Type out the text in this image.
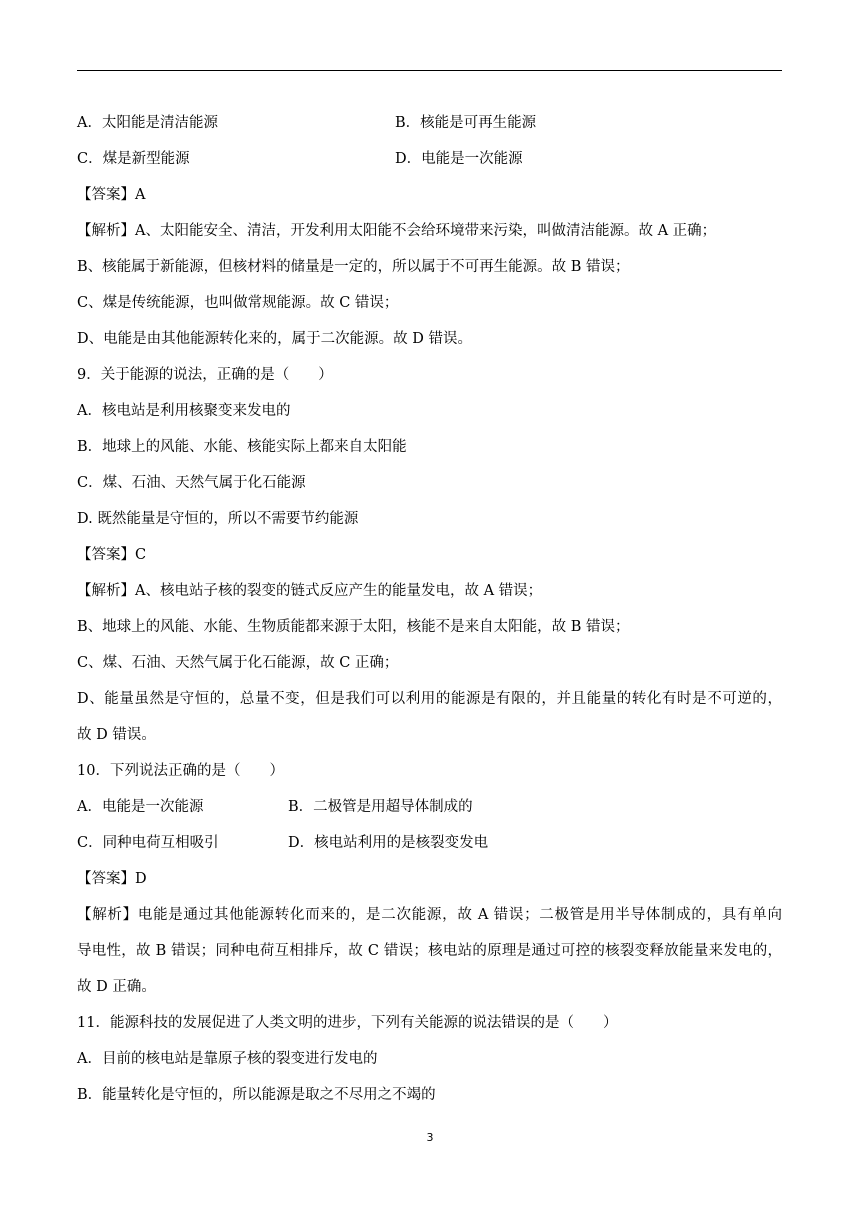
A．太阳能是清洁能源	B．核能是可再生能源
C．煤是新型能源	D．电能是一次能源
【答案】A
【解析】A、太阳能安全、清洁，开发利用太阳能不会给环境带来污染，叫做清洁能源。故 A 正确；
B、核能属于新能源，但核材料的储量是一定的，所以属于不可再生能源。故 B 错误；
C、煤是传统能源，也叫做常规能源。故 C 错误；
D、电能是由其他能源转化来的，属于二次能源。故 D 错误。
9．关于能源的说法，正确的是（　　）
A．核电站是利用核聚变来发电的
B．地球上的风能、水能、核能实际上都来自太阳能
C．煤、石油、天然气属于化石能源
D. 既然能量是守恒的，所以不需要节约能源
【答案】C
【解析】A、核电站子核的裂变的链式反应产生的能量发电，故 A 错误；
B、地球上的风能、水能、生物质能都来源于太阳，核能不是来自太阳能，故 B 错误；
C、煤、石油、天然气属于化石能源，故 C 正确；
D、能量虽然是守恒的，总量不变，但是我们可以利用的能源是有限的，并且能量的转化有时是不可逆的，
故 D 错误。
10．下列说法正确的是（　　）
A．电能是一次能源	B．二极管是用超导体制成的
C．同种电荷互相吸引	D．核电站利用的是核裂变发电
【答案】D
【解析】电能是通过其他能源转化而来的，是二次能源，故 A 错误；二极管是用半导体制成的，具有单向
导电性，故 B 错误；同种电荷互相排斥，故 C 错误；核电站的原理是通过可控的核裂变释放能量来发电的，
故 D 正确。
11．能源科技的发展促进了人类文明的进步，下列有关能源的说法错误的是（　　）
A．目前的核电站是靠原子核的裂变进行发电的
B．能量转化是守恒的，所以能源是取之不尽用之不竭的
3
